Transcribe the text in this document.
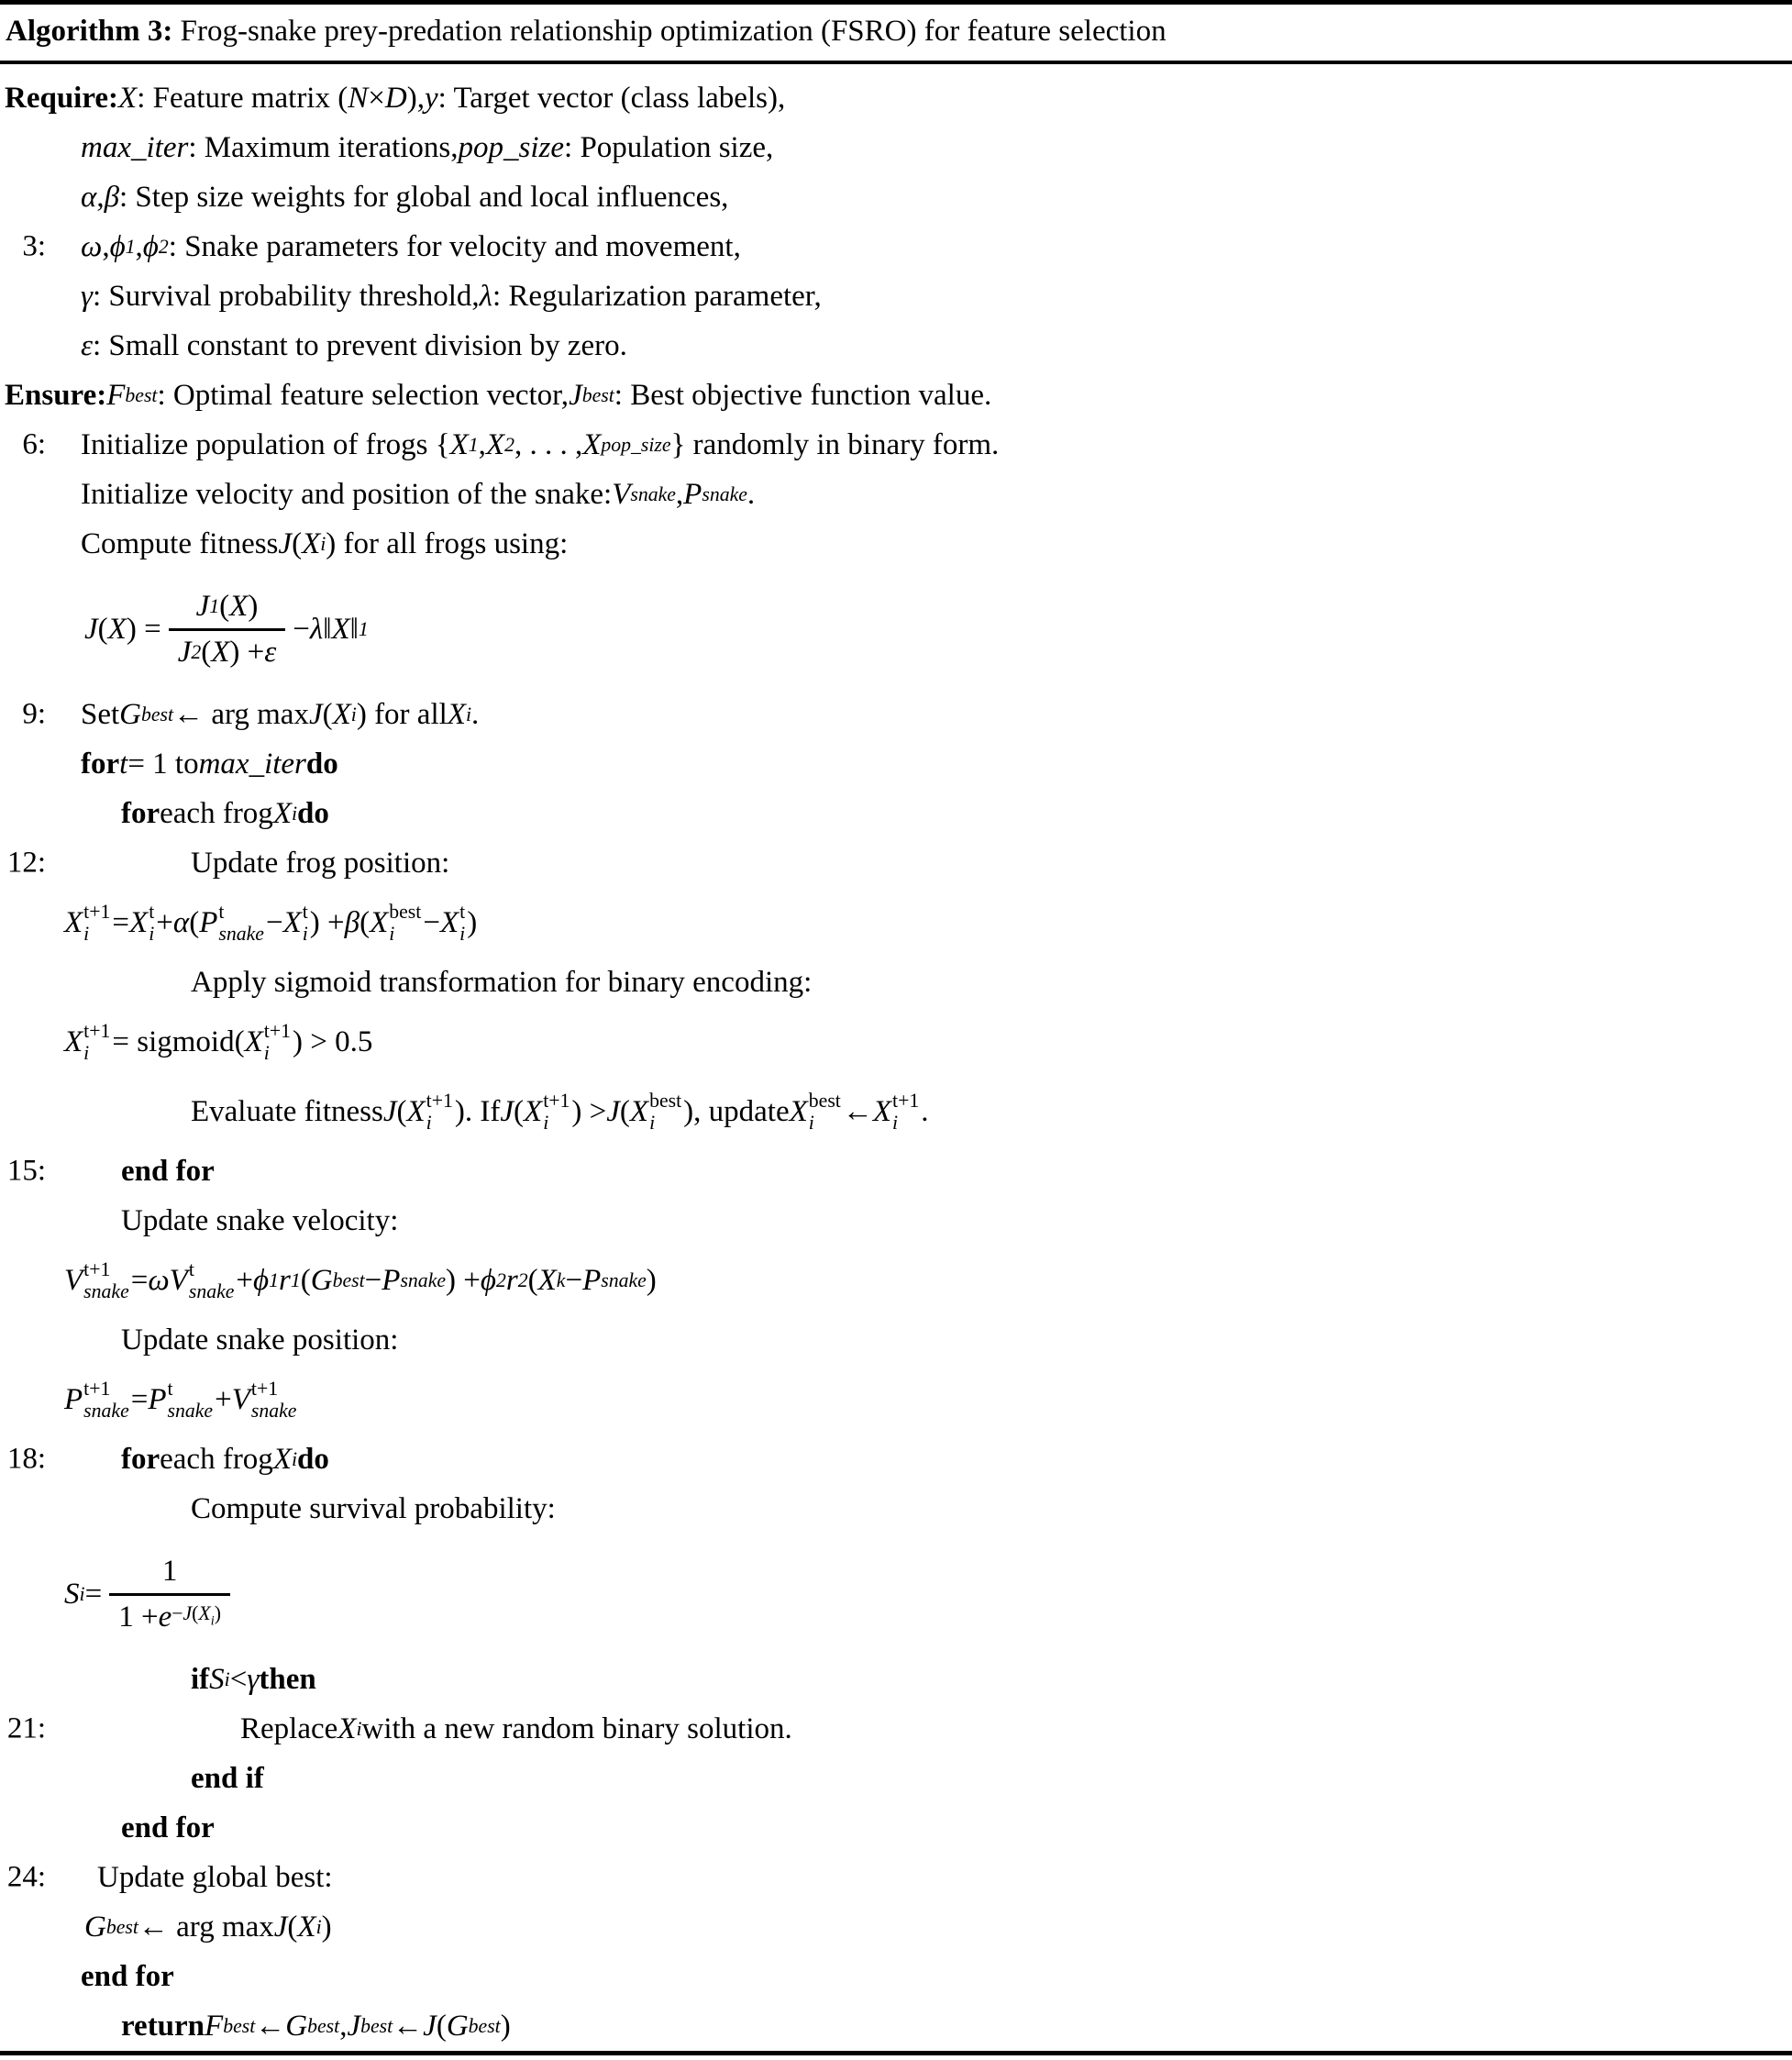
Algorithm 3: Frog-snake prey-predation relationship optimization (FSRO) for feature selection
Require: X : Feature matrix ( N × D ), y : Target vector (class labels),
max_iter : Maximum iterations, pop_size : Population size,
α , β : Step size weights for global and local influences,
3: ω , ϕ 1 , ϕ 2 : Snake parameters for velocity and movement,
γ : Survival probability threshold, λ : Regularization parameter,
ε : Small constant to prevent division by zero.
Ensure: F best : Optimal feature selection vector, J best : Best objective function value.
6: Initialize population of frogs { X 1 , X 2 , . . . , X pop_size } randomly in binary form.
Initialize velocity and position of the snake: V snake , P snake .
Compute fitness J ( X i ) for all frogs using:
J ( X ) = $\frac{J 1 ( X )}{J 2 ( X ) + \varepsilon} - \lambda$ ‖ X ‖ 1
9: Set G best ← arg max J ( X i ) for all X i .
for t = 1 to max_iter do
for each frog X i do
12:	Update frog position:
X t+1
i = X t
i + α ( P t
snake − X t
i ) + β ( X best
i − X t
i )
Apply sigmoid transformation for binary encoding:
X t+1
i = sigmoid( X t+1
i ) > 0.5
Evaluate fitness J ( X t+1
i ). If J ( X t+1
i ) > J ( X best
i ), update X best
i ← X t+1
i .
15: end for
Update snake velocity:
V t+1
snake = ω V t
snake + ϕ 1 r 1 ( G best − P snake ) + ϕ 2 r 2 ( X k − P snake )
Update snake position:
P t+1
snake = P t
snake + V t+1
snake
18: for each frog X i do
Compute survival probability:
S $i = \frac{1}{1 + e -J(X_i)}$
if S i < γ then
21:	Replace X i with a new random binary solution.
end if
end for
24: Update global best:
G best ← arg max J ( X i )
end for
return F best ← G best , J best ← J ( G best )
